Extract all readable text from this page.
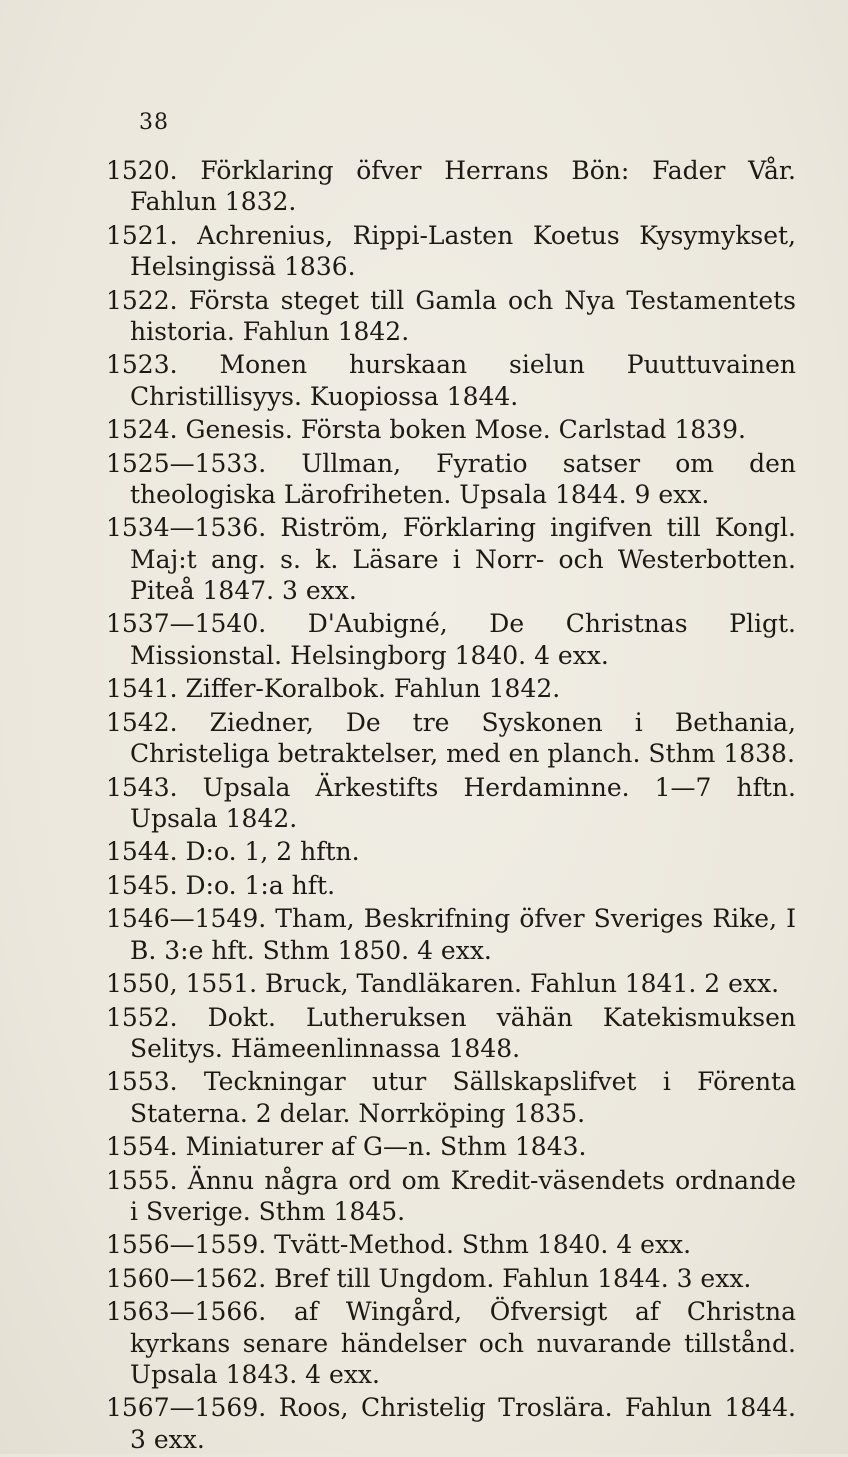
38

1520. Förklaring öfver Herrans Bön: Fader Vår. Fahlun 1832.

1521. Achrenius, Rippi-Lasten Koetus Kysymykset, Helsingissä 1836.

1522. Första steget till Gamla och Nya Testamentets historia. Fahlun 1842.

1523. Monen hurskaan sielun Puuttuvainen Christillisyys. Kuopiossa 1844.

1524. Genesis. Första boken Mose. Carlstad 1839.

1525—1533. Ullman, Fyratio satser om den theologiska Lärofriheten. Upsala 1844. 9 exx.

1534—1536. Riström, Förklaring ingifven till Kongl. Maj:t ang. s. k. Läsare i Norr- och Westerbotten. Piteå 1847. 3 exx.

1537—1540. D'Aubigné, De Christnas Pligt. Missionstal. Helsingborg 1840. 4 exx.

1541. Ziffer-Koralbok. Fahlun 1842.

1542. Ziedner, De tre Syskonen i Bethania, Christeliga betraktelser, med en planch. Sthm 1838.

1543. Upsala Ärkestifts Herdaminne. 1—7 hftn. Upsala 1842.

1544. D:o. 1, 2 hftn.

1545. D:o. 1:a hft.

1546—1549. Tham, Beskrifning öfver Sveriges Rike, I B. 3:e hft. Sthm 1850. 4 exx.

1550, 1551. Bruck, Tandläkaren. Fahlun 1841. 2 exx.

1552. Dokt. Lutheruksen vähän Katekismuksen Selitys. Hämeenlinnassa 1848.

1553. Teckningar utur Sällskapslifvet i Förenta Staterna. 2 delar. Norrköping 1835.

1554. Miniaturer af G—n. Sthm 1843.

1555. Ännu några ord om Kredit-väsendets ordnande i Sverige. Sthm 1845.

1556—1559. Tvätt-Method. Sthm 1840. 4 exx.

1560—1562. Bref till Ungdom. Fahlun 1844. 3 exx.

1563—1566. af Wingård, Öfversigt af Christna kyrkans senare händelser och nuvarande tillstånd. Upsala 1843. 4 exx.

1567—1569. Roos, Christelig Troslära. Fahlun 1844. 3 exx.
